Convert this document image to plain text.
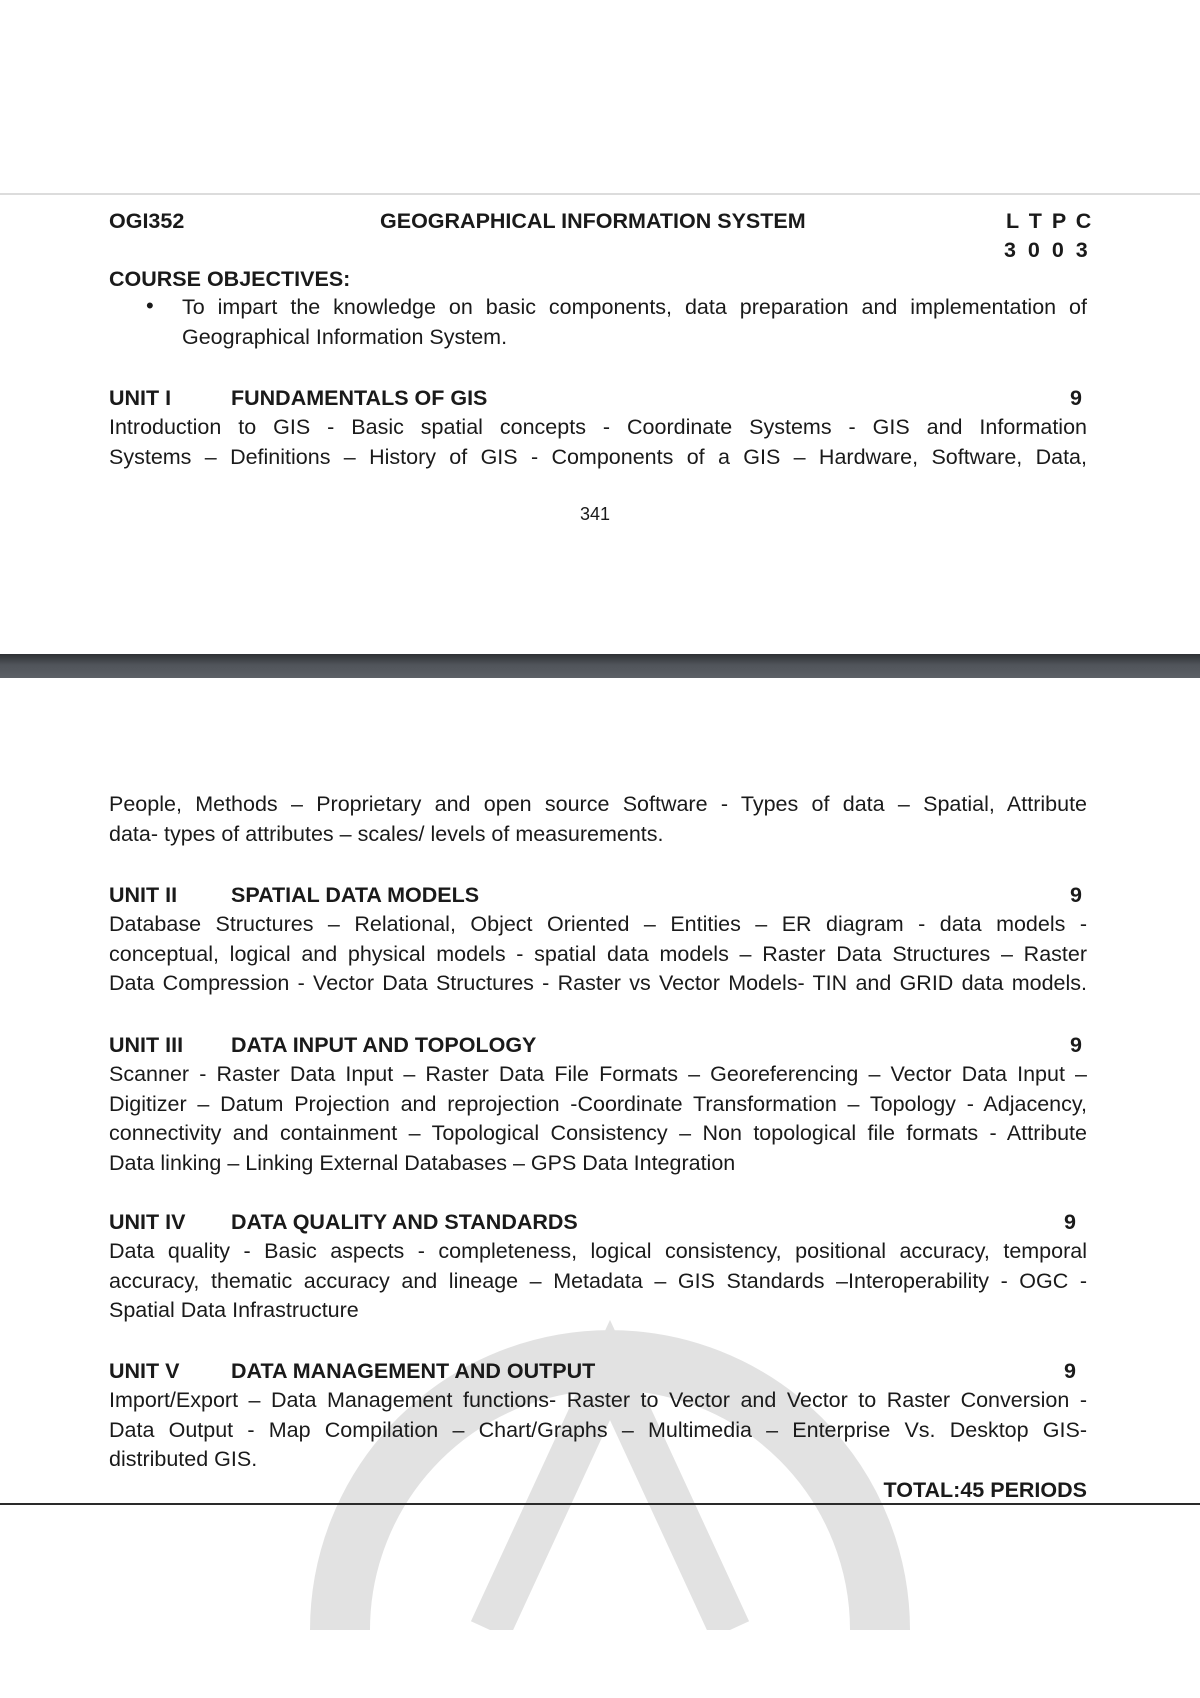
OGI352	GEOGRAPHICAL INFORMATION SYSTEM	L T P C
3 0 0 3
COURSE OBJECTIVES:
• To impart the knowledge on basic components, data preparation and implementation of
Geographical Information System.
UNIT I	FUNDAMENTALS OF GIS	9
Introduction to GIS - Basic spatial concepts - Coordinate Systems - GIS and Information
Systems – Definitions – History of GIS - Components of a GIS – Hardware, Software, Data,
341
People, Methods – Proprietary and open source Software - Types of data – Spatial, Attribute
data- types of attributes – scales/ levels of measurements.
UNIT II	SPATIAL DATA MODELS	9
Database Structures – Relational, Object Oriented – Entities – ER diagram - data models -
conceptual, logical and physical models - spatial data models – Raster Data Structures – Raster
Data Compression - Vector Data Structures - Raster vs Vector Models- TIN and GRID data models.
UNIT III DATA INPUT AND TOPOLOGY	9
Scanner - Raster Data Input – Raster Data File Formats – Georeferencing – Vector Data Input –
Digitizer – Datum Projection and reprojection -Coordinate Transformation – Topology - Adjacency,
connectivity and containment – Topological Consistency – Non topological file formats - Attribute
Data linking – Linking External Databases – GPS Data Integration
UNIT IV DATA QUALITY AND STANDARDS	9
Data quality - Basic aspects - completeness, logical consistency, positional accuracy, temporal
accuracy, thematic accuracy and lineage – Metadata – GIS Standards –Interoperability - OGC -
Spatial Data Infrastructure
UNIT V DATA MANAGEMENT AND OUTPUT	9
Import/Export – Data Management functions- Raster to Vector and Vector to Raster Conversion -
Data Output - Map Compilation – Chart/Graphs – Multimedia – Enterprise Vs. Desktop GIS-
distributed GIS.
TOTAL:45 PERIODS
